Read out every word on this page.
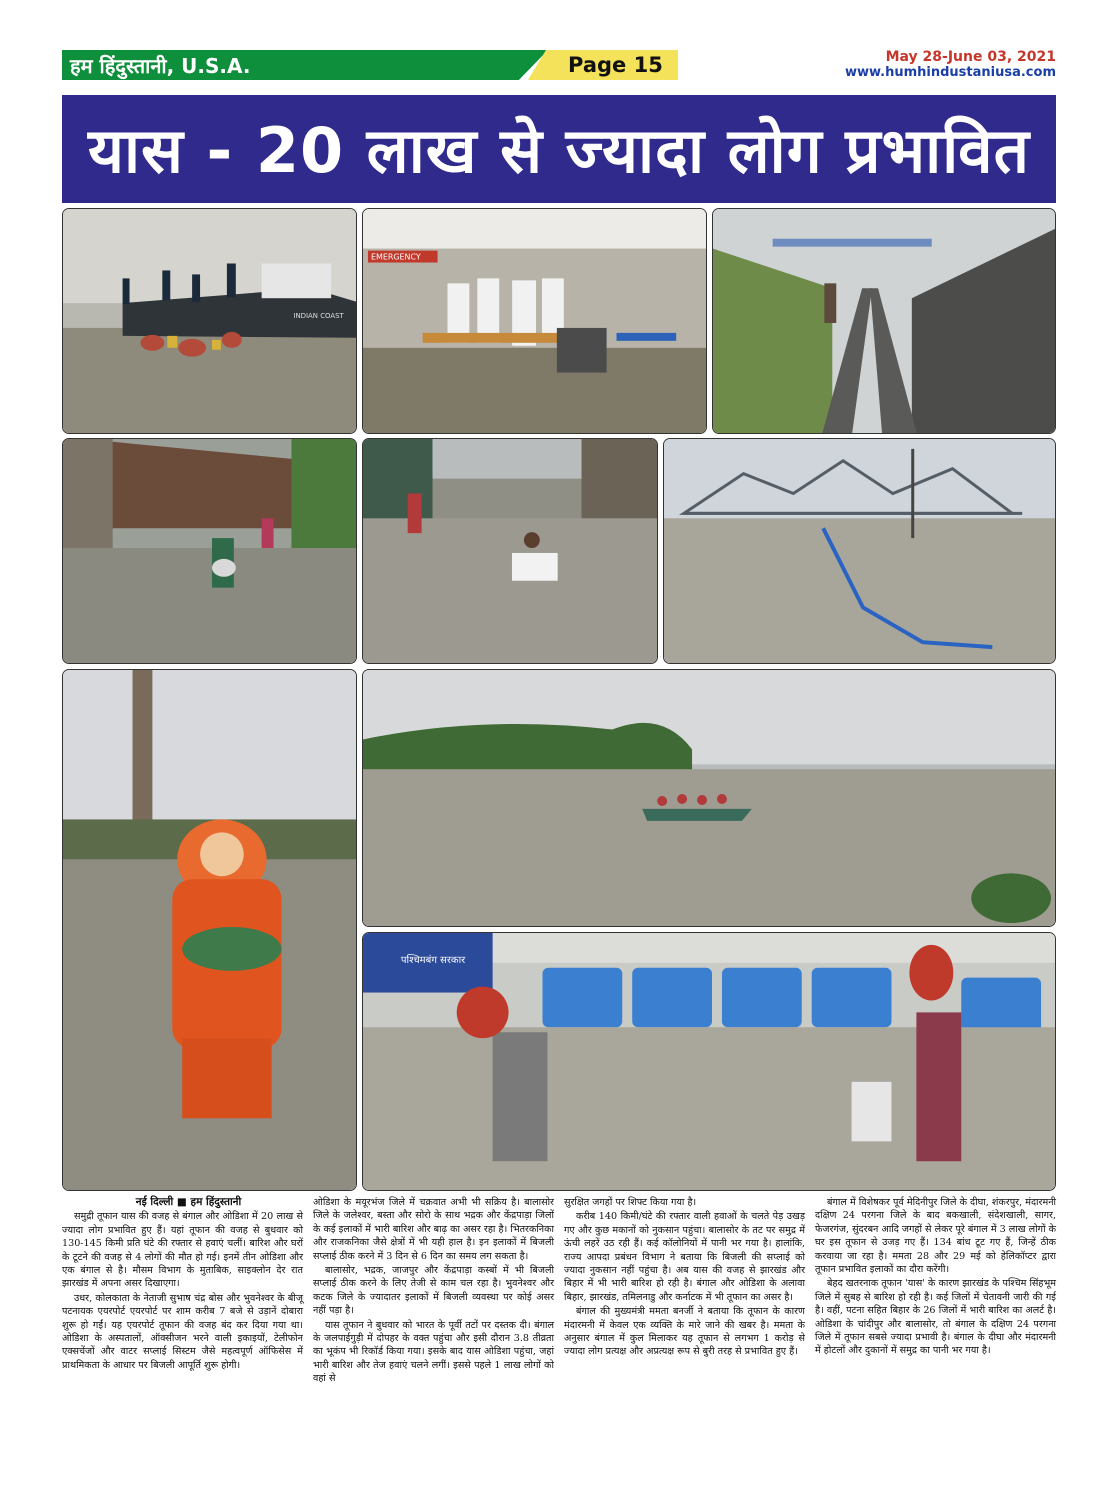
हम हिंदुस्तानी, U.S.A.	Page 15	May 28-June 03, 2021
www.humhindustaniusa.com
यास - 20 लाख से ज्यादा लोग प्रभावित
INDIAN COAST
EMERGENCY
पश्चिमबंग सरकार

नई दिल्ली ■ हम हिंदुस्तानी

समुद्री तूफान यास की वजह से बंगाल और ओडिशा में 20 लाख से ज्यादा लोग प्रभावित हुए हैं। यहां तूफान की वजह से बुधवार को 130-145 किमी प्रति घंटे की रफ्तार से हवाएं चलीं। बारिश और घरों के टूटने की वजह से 4 लोगों की मौत हो गई। इनमें तीन ओडिशा और एक बंगाल से है। मौसम विभाग के मुताबिक, साइक्लोन देर रात झारखंड में अपना असर दिखाएगा।

उधर, कोलकाता के नेताजी सुभाष चंद्र बोस और भुवनेश्वर के बीजू पटनायक एयरपोर्ट एयरपोर्ट पर शाम करीब 7 बजे से उड़ानें दोबारा शुरू हो गईं। यह एयरपोर्ट तूफान की वजह बंद कर दिया गया था। ओडिशा के अस्पतालों, ऑक्सीजन भरने वाली इकाइयों, टेलीफोन एक्सचेंजों और वाटर सप्लाई सिस्टम जैसे महत्वपूर्ण ऑफिसेस में प्राथमिकता के आधार पर बिजली आपूर्ति शुरू होगी।

ओडिशा के मयूरभंज जिले में चक्रवात अभी भी सक्रिय है। बालासोर जिले के जलेश्वर, बस्ता और सोरो के साथ भद्रक और केंद्रपाड़ा जिलों के कई इलाकों में भारी बारिश और बाढ़ का असर रहा है। भितरकनिका और राजकनिका जैसे क्षेत्रों में भी यही हाल है। इन इलाकों में बिजली सप्लाई ठीक करने में 3 दिन से 6 दिन का समय लग सकता है।

बालासोर, भद्रक, जाजपुर और केंद्रपाड़ा कस्बों में भी बिजली सप्लाई ठीक करने के लिए तेजी से काम चल रहा है। भुवनेश्वर और कटक जिले के ज्यादातर इलाकों में बिजली व्यवस्था पर कोई असर नहीं पड़ा है।

यास तूफान ने बुधवार को भारत के पूर्वी तटों पर दस्तक दी। बंगाल के जलपाईगुड़ी में दोपहर के वक्त पहुंचा और इसी दौरान 3.8 तीव्रता का भूकंप भी रिकॉर्ड किया गया। इसके बाद यास ओडिशा पहुंचा, जहां भारी बारिश और तेज हवाएं चलने लगीं। इससे पहले 1 लाख लोगों को वहां से

सुरक्षित जगहों पर शिफ्ट किया गया है।

करीब 140 किमी/घंटे की रफ्तार वाली हवाओं के चलते पेड़ उखड़ गए और कुछ मकानों को नुकसान पहुंचा। बालासोर के तट पर समुद्र में ऊंची लहरें उठ रही हैं। कई कॉलोनियों में पानी भर गया है। हालांकि, राज्य आपदा प्रबंधन विभाग ने बताया कि बिजली की सप्लाई को ज्यादा नुकसान नहीं पहुंचा है। अब यास की वजह से झारखंड और बिहार में भी भारी बारिश हो रही है। बंगाल और ओडिशा के अलावा बिहार, झारखंड, तमिलनाडु और कर्नाटक में भी तूफान का असर है।

बंगाल की मुख्यमंत्री ममता बनर्जी ने बताया कि तूफान के कारण मंदारमनी में केवल एक व्यक्ति के मारे जाने की खबर है। ममता के अनुसार बंगाल में कुल मिलाकर यह तूफान से लगभग 1 करोड़ से ज्यादा लोग प्रत्यक्ष और अप्रत्यक्ष रूप से बुरी तरह से प्रभावित हुए हैं।

बंगाल में विशेषकर पूर्व मेदिनीपुर जिले के दीघा, शंकरपुर, मंदारमनी दक्षिण 24 परगना जिले के बाद बकखाली, संदेशखाली, सागर, फेजरगंज, सुंदरबन आदि जगहों से लेकर पूरे बंगाल में 3 लाख लोगों के घर इस तूफान से उजड़ गए हैं। 134 बांध टूट गए हैं, जिन्हें ठीक करवाया जा रहा है। ममता 28 और 29 मई को हेलिकॉप्टर द्वारा तूफान प्रभावित इलाकों का दौरा करेंगी।

बेहद खतरनाक तूफान 'यास' के कारण झारखंड के पश्चिम सिंहभूम जिले में सुबह से बारिश हो रही है। कई जिलों में चेतावनी जारी की गई है। वहीं, पटना सहित बिहार के 26 जिलों में भारी बारिश का अलर्ट है। ओडिशा के चांदीपुर और बालासोर, तो बंगाल के दक्षिण 24 परगना जिले में तूफान सबसे ज्यादा प्रभावी है। बंगाल के दीघा और मंदारमनी में होटलों और दुकानों में समुद्र का पानी भर गया है।
